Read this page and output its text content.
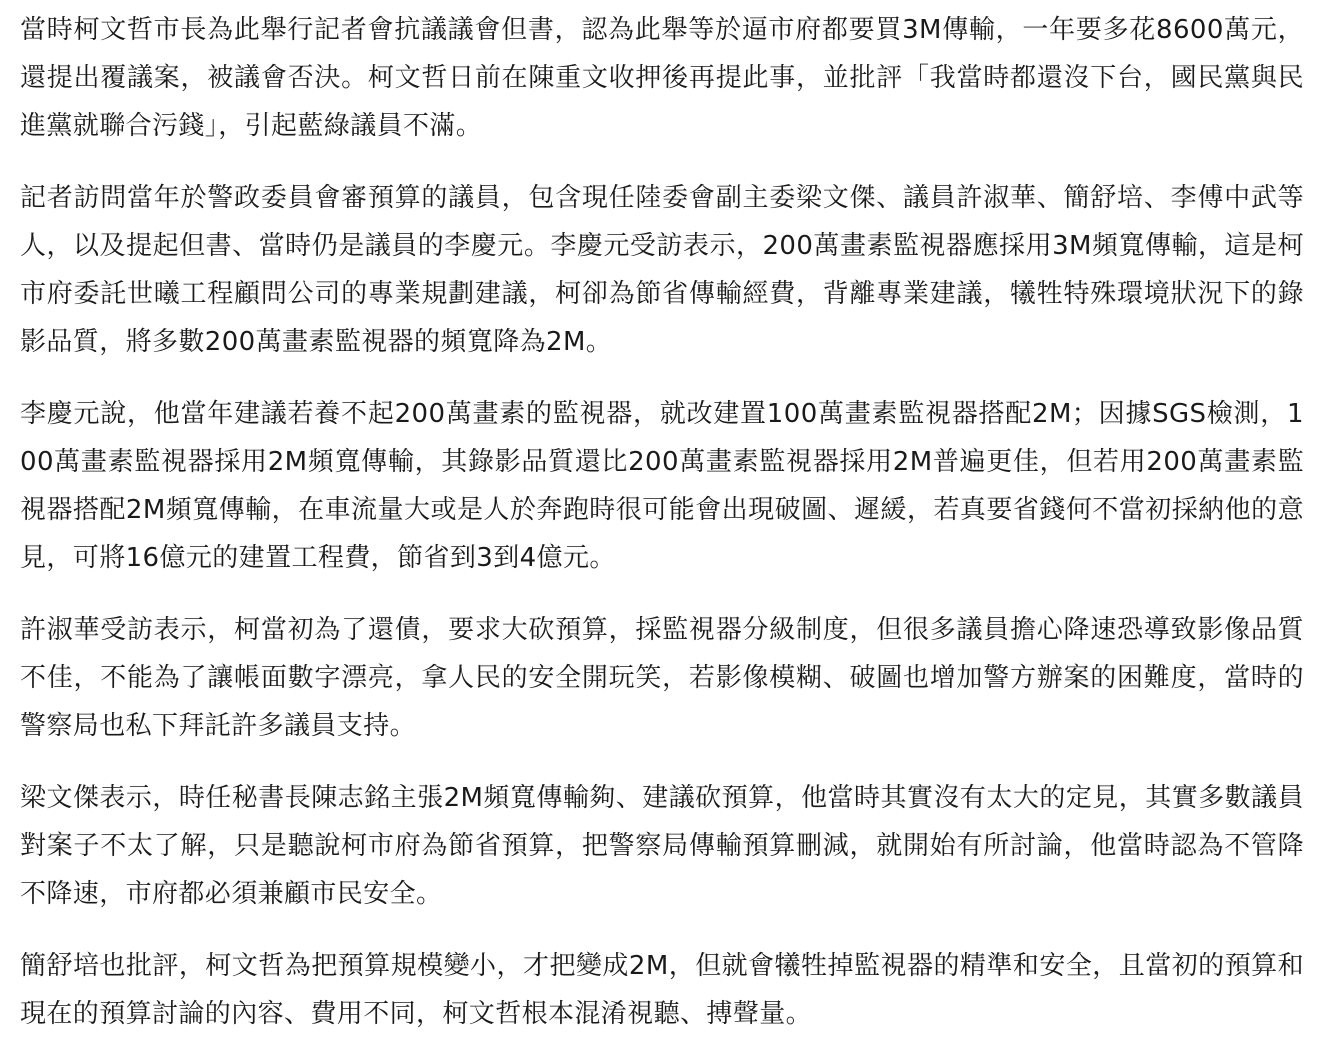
當時柯文哲市長為此舉行記者會抗議議會但書，認為此舉等於逼市府都要買3M傳輸，一年要多花8600萬元，還提出覆議案，被議會否決。柯文哲日前在陳重文收押後再提此事，並批評「我當時都還沒下台，國民黨與民進黨就聯合污錢」，引起藍綠議員不滿。

記者訪問當年於警政委員會審預算的議員，包含現任陸委會副主委梁文傑、議員許淑華、簡舒培、李傅中武等人，以及提起但書、當時仍是議員的李慶元。李慶元受訪表示，200萬畫素監視器應採用3M頻寬傳輸，這是柯市府委託世曦工程顧問公司的專業規劃建議，柯卻為節省傳輸經費，背離專業建議，犧牲特殊環境狀況下的錄影品質，將多數200萬畫素監視器的頻寬降為2M。

李慶元說，他當年建議若養不起200萬畫素的監視器，就改建置100萬畫素監視器搭配2M；因據SGS檢測，100萬畫素監視器採用2M頻寬傳輸，其錄影品質還比200萬畫素監視器採用2M普遍更佳，但若用200萬畫素監視器搭配2M頻寬傳輸，在車流量大或是人於奔跑時很可能會出現破圖、遲緩，若真要省錢何不當初採納他的意見，可將16億元的建置工程費，節省到3到4億元。

許淑華受訪表示，柯當初為了還債，要求大砍預算，採監視器分級制度，但很多議員擔心降速恐導致影像品質不佳，不能為了讓帳面數字漂亮，拿人民的安全開玩笑，若影像模糊、破圖也增加警方辦案的困難度，當時的警察局也私下拜託許多議員支持。

梁文傑表示，時任秘書長陳志銘主張2M頻寬傳輸夠、建議砍預算，他當時其實沒有太大的定見，其實多數議員對案子不太了解，只是聽說柯市府為節省預算，把警察局傳輸預算刪減，就開始有所討論，他當時認為不管降不降速，市府都必須兼顧市民安全。

簡舒培也批評，柯文哲為把預算規模變小，才把變成2M，但就會犧牲掉監視器的精準和安全，且當初的預算和現在的預算討論的內容、費用不同，柯文哲根本混淆視聽、搏聲量。
